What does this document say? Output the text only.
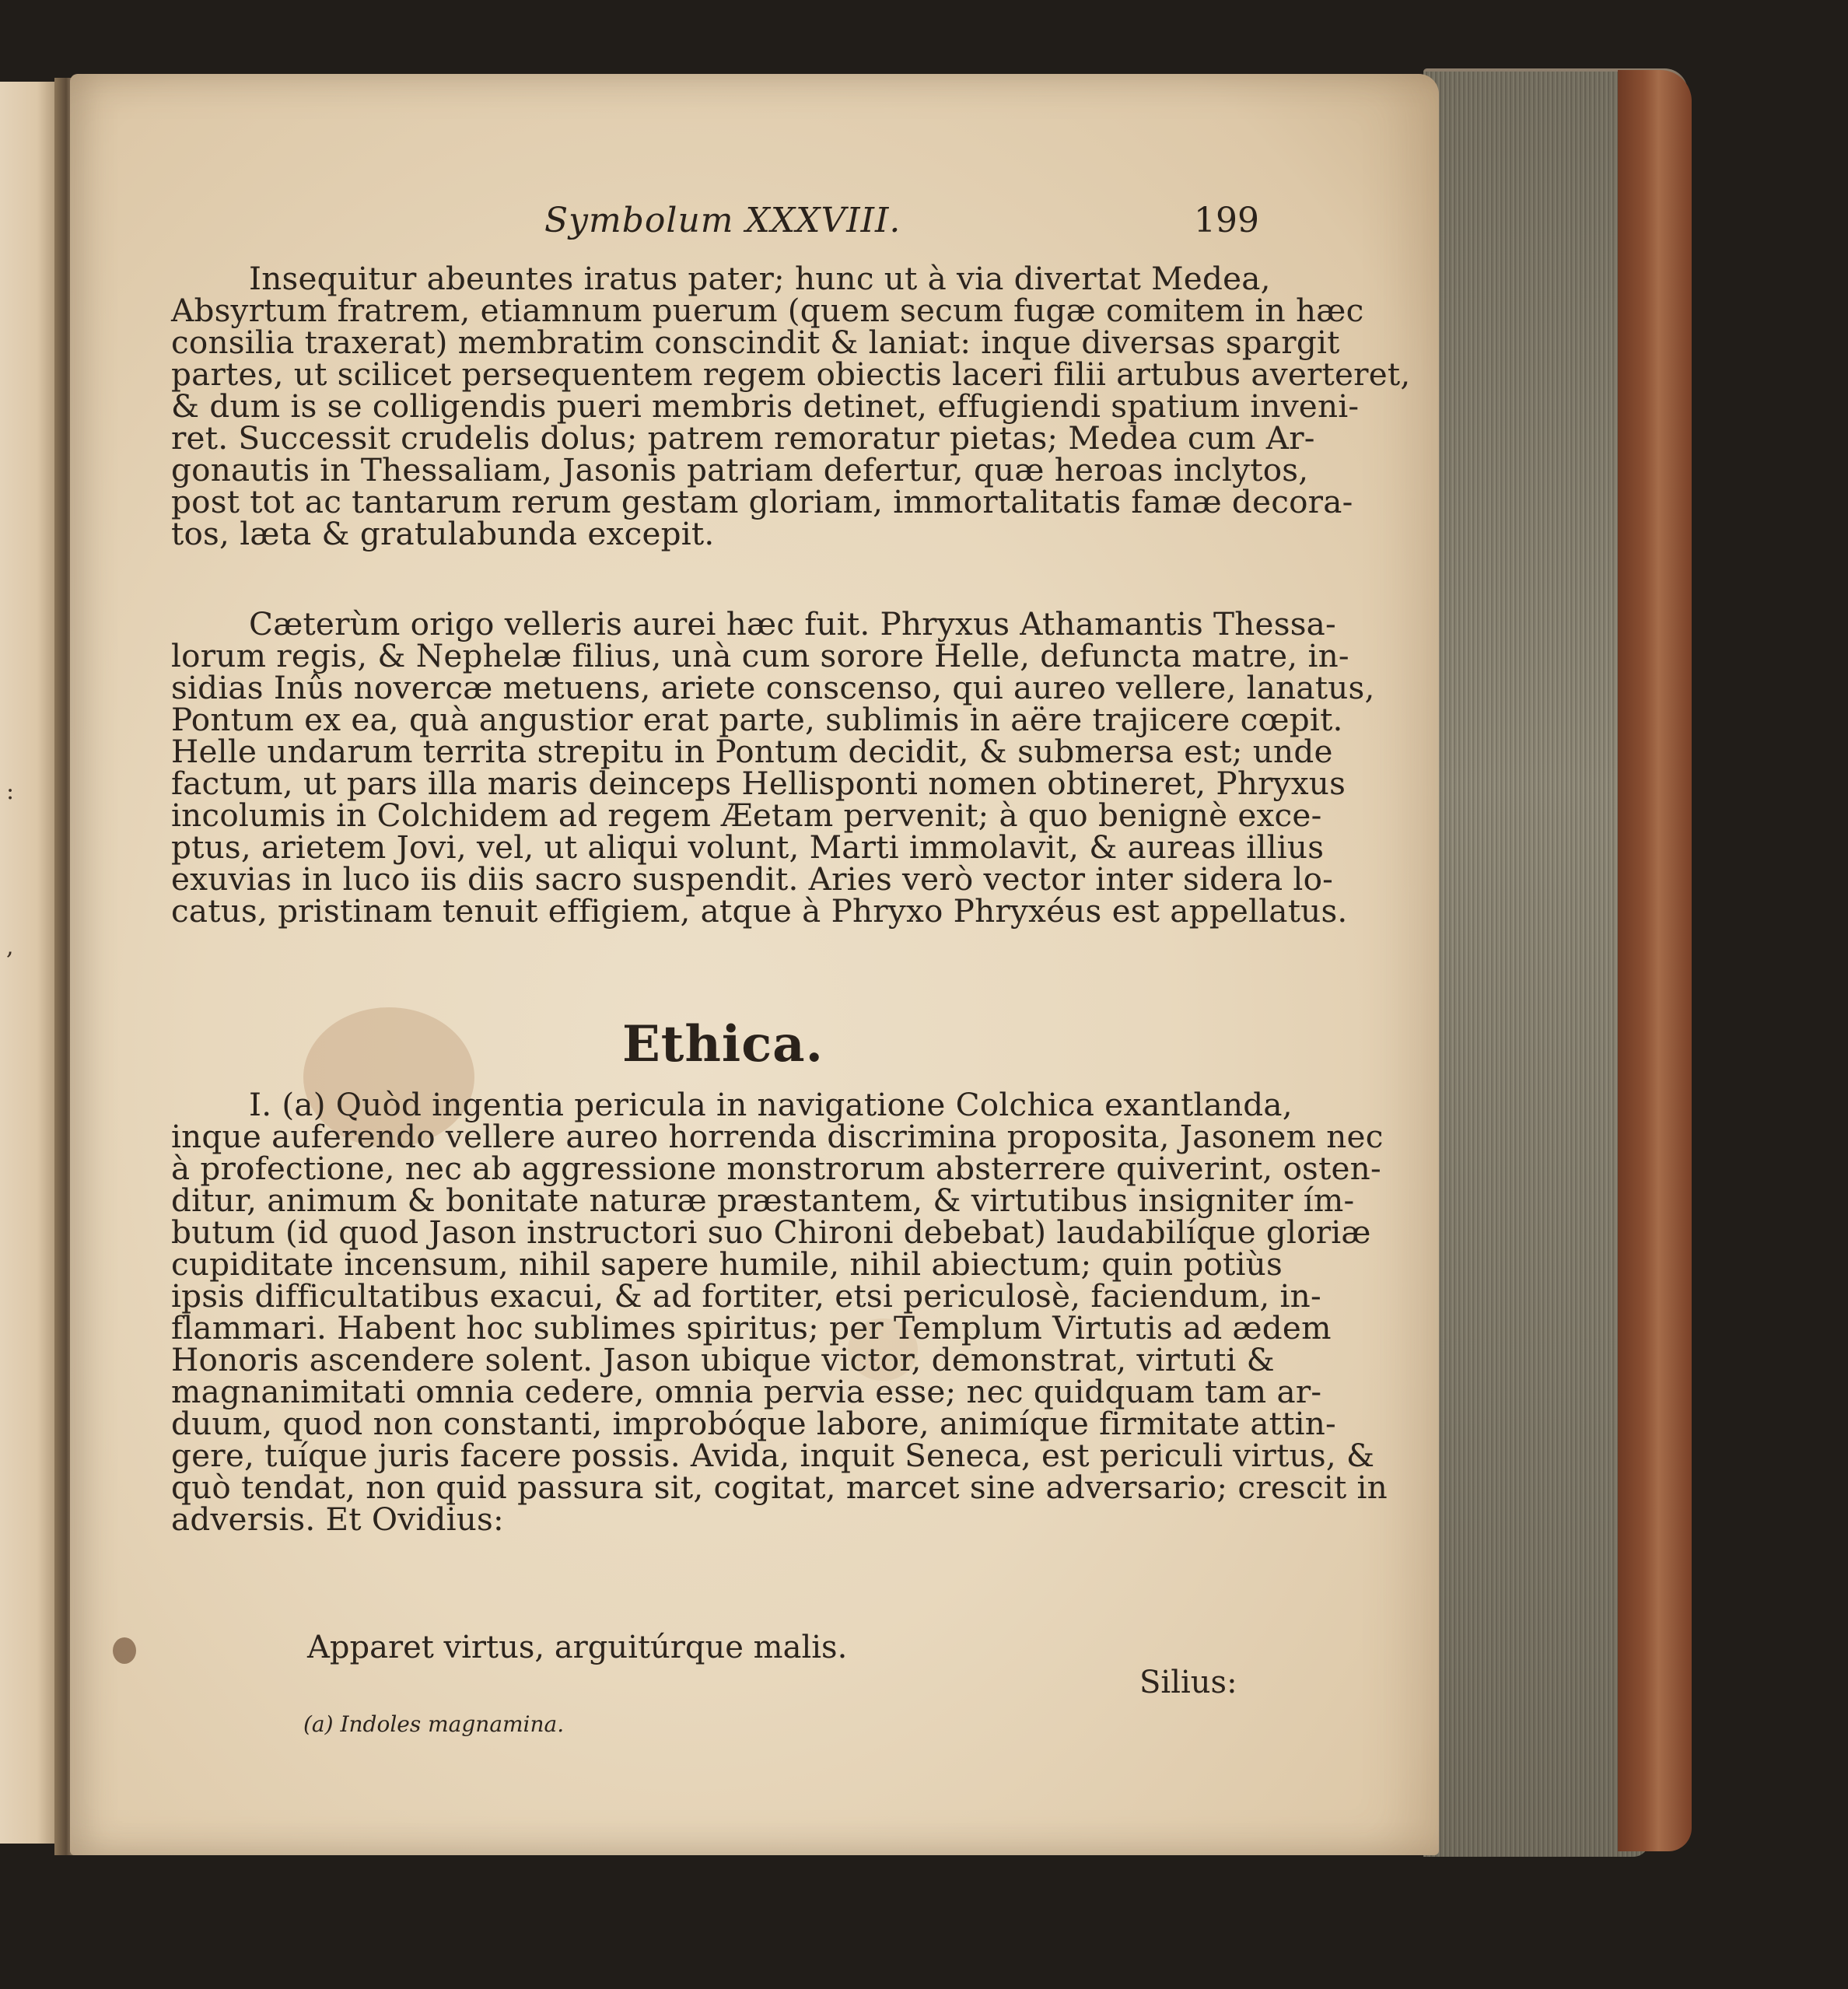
:
,
Symbolum XXXVIII.	199
Insequitur abeuntes iratus pater; hunc ut à via divertat Medea,
Absyrtum fratrem, etiamnum puerum (quem secum fugæ comitem in hæc
consilia traxerat) membratim conscindit & laniat: inque diversas spargit
partes, ut scilicet persequentem regem obiectis laceri filii artubus averteret,
& dum is se colligendis pueri membris detinet, effugiendi spatium inveni-
ret. Successit crudelis dolus; patrem remoratur pietas; Medea cum Ar-
gonautis in Thessaliam, Jasonis patriam defertur, quæ heroas inclytos,
post tot ac tantarum rerum gestam gloriam, immortalitatis famæ decora-
tos, læta & gratulabunda excepit.
Cæterùm origo velleris aurei hæc fuit. Phryxus Athamantis Thessa-
lorum regis, & Nephelæ filius, unà cum sorore Helle, defuncta matre, in-
sidias Inûs novercæ metuens, ariete conscenso, qui aureo vellere, lanatus,
Pontum ex ea, quà angustior erat parte, sublimis in aëre trajicere cœpit.
Helle undarum territa strepitu in Pontum decidit, & submersa est; unde
factum, ut pars illa maris deinceps Hellisponti nomen obtineret, Phryxus
incolumis in Colchidem ad regem Æetam pervenit; à quo benignè exce-
ptus, arietem Jovi, vel, ut aliqui volunt, Marti immolavit, & aureas illius
exuvias in luco iis diis sacro suspendit. Aries verò vector inter sidera lo-
catus, pristinam tenuit effigiem, atque à Phryxo Phryxéus est appellatus.
Ethica.
I. (a) Quòd ingentia pericula in navigatione Colchica exantlanda,
inque auferendo vellere aureo horrenda discrimina proposita, Jasonem nec
à profectione, nec ab aggressione monstrorum absterrere quiverint, osten-
ditur, animum & bonitate naturæ præstantem, & virtutibus insigniter ím-
butum (id quod Jason instructori suo Chironi debebat) laudabilíque gloriæ
cupiditate incensum, nihil sapere humile, nihil abiectum; quin potiùs
ipsis difficultatibus exacui, & ad fortiter, etsi periculosè, faciendum, in-
flammari. Habent hoc sublimes spiritus; per Templum Virtutis ad ædem
Honoris ascendere solent. Jason ubique victor, demonstrat, virtuti &
magnanimitati omnia cedere, omnia pervia esse; nec quidquam tam ar-
duum, quod non constanti, improbóque labore, animíque firmitate attin-
gere, tuíque juris facere possis. Avida, inquit Seneca, est periculi virtus, &
quò tendat, non quid passura sit, cogitat, marcet sine adversario; crescit in
adversis. Et Ovidius:
Apparet virtus, arguitúrque malis.
Silius:
(a) Indoles magnamina.
